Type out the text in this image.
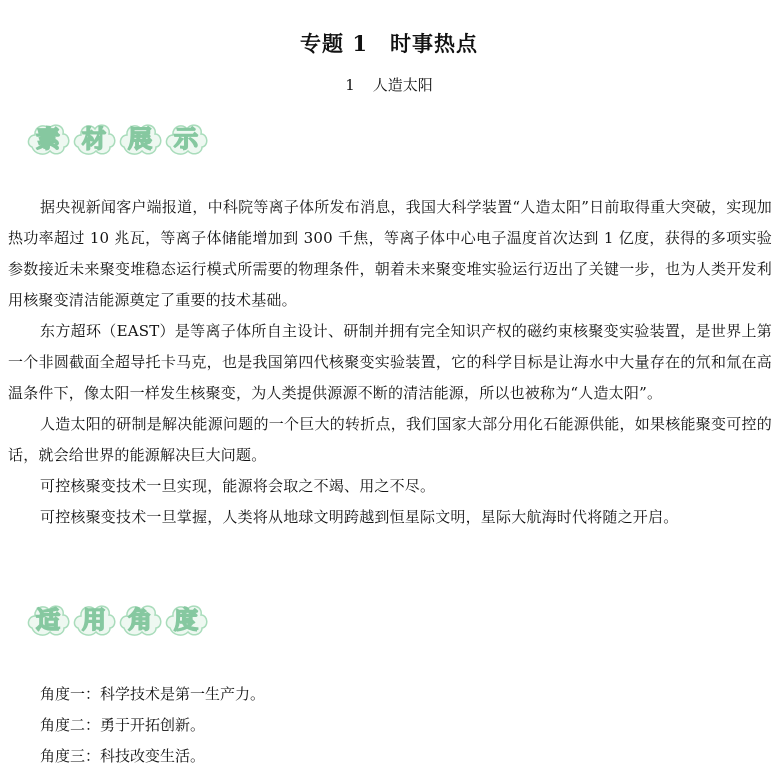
专题 1　时事热点
1 人造太阳
素 材 展 示

据央视新闻客户端报道，中科院等离子体所发布消息，我国大科学装置“人造太阳”日前取得重大突破，实现加热功率超过 10 兆瓦，等离子体储能增加到 300 千焦，等离子体中心电子温度首次达到 1 亿度，获得的多项实验参数接近未来聚变堆稳态运行模式所需要的物理条件，朝着未来聚变堆实验运行迈出了关键一步，也为人类开发利用核聚变清洁能源奠定了重要的技术基础。

东方超环（EAST）是等离子体所自主设计、研制并拥有完全知识产权的磁约束核聚变实验装置，是世界上第一个非圆截面全超导托卡马克，也是我国第四代核聚变实验装置，它的科学目标是让海水中大量存在的氘和氚在高温条件下，像太阳一样发生核聚变，为人类提供源源不断的清洁能源，所以也被称为“人造太阳”。

人造太阳的研制是解决能源问题的一个巨大的转折点，我们国家大部分用化石能源供能，如果核能聚变可控的话，就会给世界的能源解决巨大问题。

可控核聚变技术一旦实现，能源将会取之不竭、用之不尽。

可控核聚变技术一旦掌握，人类将从地球文明跨越到恒星际文明，星际大航海时代将随之开启。

适 用 角 度
角度一：科学技术是第一生产力。
角度二：勇于开拓创新。
角度三：科技改变生活。
